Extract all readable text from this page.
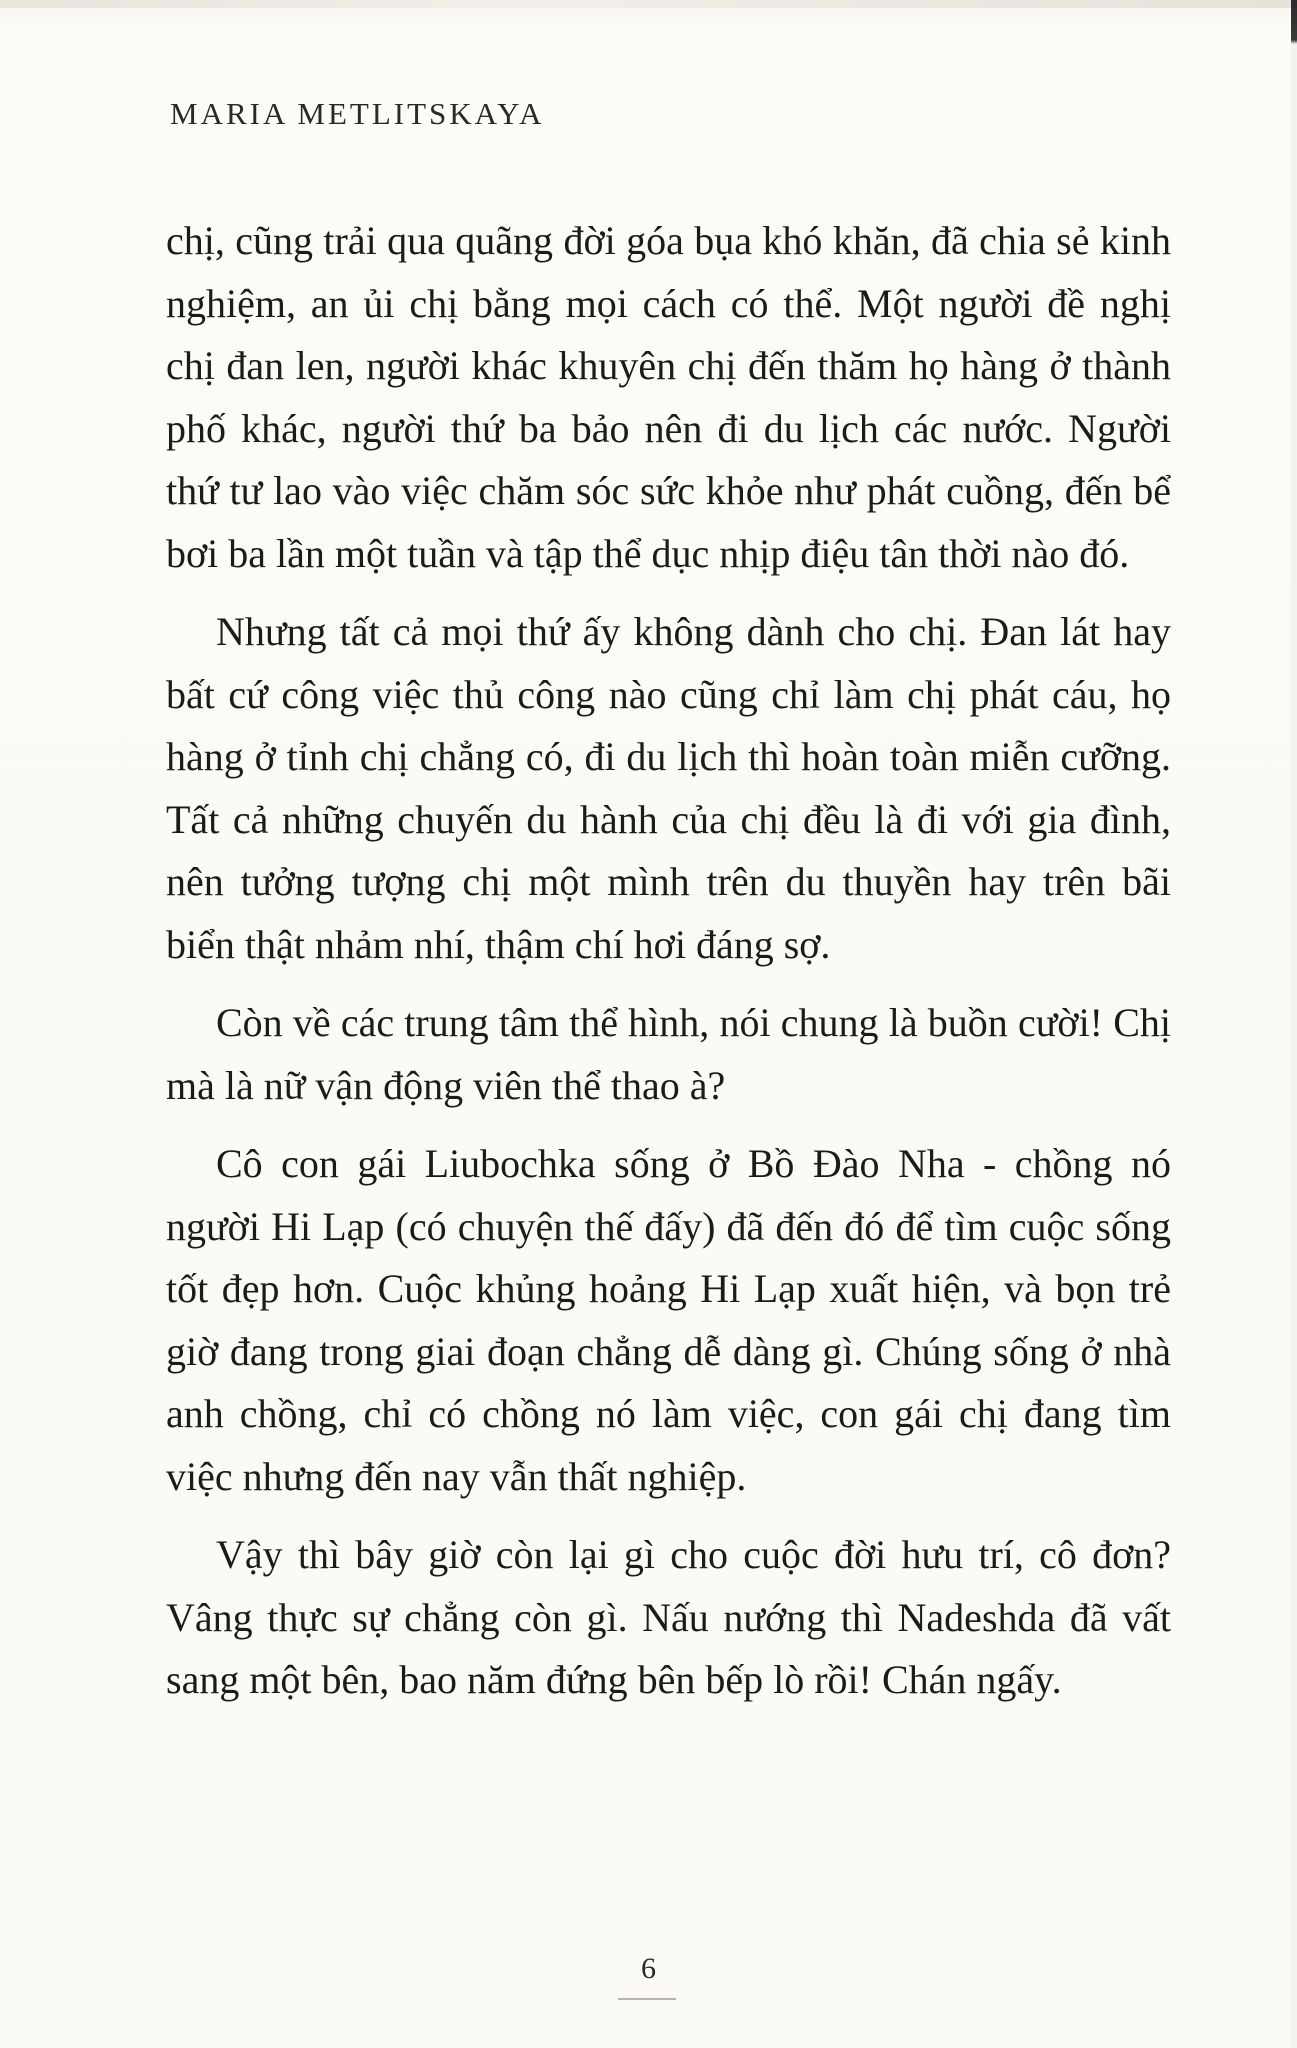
MARIA METLITSKAYA

chị, cũng trải qua quãng đời góa bụa khó khăn, đã chia sẻ kinh nghiệm, an ủi chị bằng mọi cách có thể. Một người đề nghị chị đan len, người khác khuyên chị đến thăm họ hàng ở thành phố khác, người thứ ba bảo nên đi du lịch các nước. Người thứ tư lao vào việc chăm sóc sức khỏe như phát cuồng, đến bể bơi ba lần một tuần và tập thể dục nhịp điệu tân thời nào đó.

Nhưng tất cả mọi thứ ấy không dành cho chị. Đan lát hay bất cứ công việc thủ công nào cũng chỉ làm chị phát cáu, họ hàng ở tỉnh chị chẳng có, đi du lịch thì hoàn toàn miễn cưỡng. Tất cả những chuyến du hành của chị đều là đi với gia đình, nên tưởng tượng chị một mình trên du thuyền hay trên bãi biển thật nhảm nhí, thậm chí hơi đáng sợ.

Còn về các trung tâm thể hình, nói chung là buồn cười! Chị mà là nữ vận động viên thể thao à?

Cô con gái Liubochka sống ở Bồ Đào Nha - chồng nó người Hi Lạp (có chuyện thế đấy) đã đến đó để tìm cuộc sống tốt đẹp hơn. Cuộc khủng hoảng Hi Lạp xuất hiện, và bọn trẻ giờ đang trong giai đoạn chẳng dễ dàng gì. Chúng sống ở nhà anh chồng, chỉ có chồng nó làm việc, con gái chị đang tìm việc nhưng đến nay vẫn thất nghiệp.

Vậy thì bây giờ còn lại gì cho cuộc đời hưu trí, cô đơn? Vâng thực sự chẳng còn gì. Nấu nướng thì Nadeshda đã vất sang một bên, bao năm đứng bên bếp lò rồi! Chán ngấy.

6
